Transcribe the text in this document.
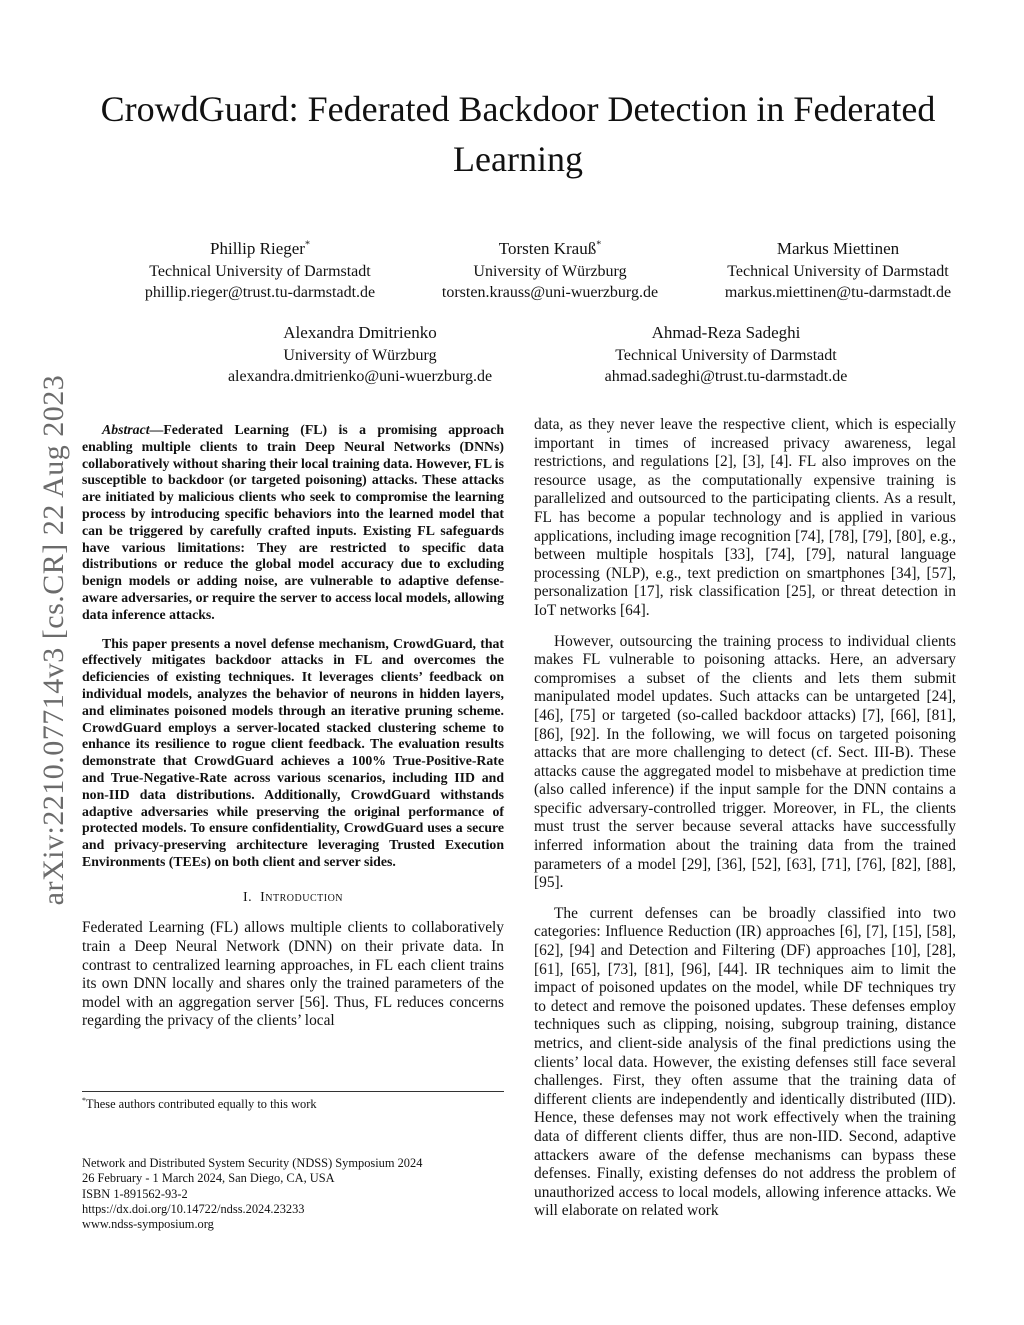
CrowdGuard: Federated Backdoor Detection in Federated Learning
Phillip Rieger*
Technical University of Darmstadt
phillip.rieger@trust.tu-darmstadt.de
Torsten Krauß*
University of Würzburg
torsten.krauss@uni-wuerzburg.de
Markus Miettinen
Technical University of Darmstadt
markus.miettinen@tu-darmstadt.de
Alexandra Dmitrienko
University of Würzburg
alexandra.dmitrienko@uni-wuerzburg.de
Ahmad-Reza Sadeghi
Technical University of Darmstadt
ahmad.sadeghi@trust.tu-darmstadt.de
arXiv:2210.07714v3 [cs.CR] 22 Aug 2023	Abstract—Federated Learning (FL) is a promising approach enabling multiple clients to train Deep Neural Networks (DNNs) collaboratively without sharing their local training data. However, FL is susceptible to backdoor (or targeted poisoning) attacks. These attacks are initiated by malicious clients who seek to compromise the learning process by introducing specific behaviors into the learned model that can be triggered by carefully crafted inputs. Existing FL safeguards have various limitations: They are restricted to specific data distributions or reduce the global model accuracy due to excluding benign models or adding noise, are vulnerable to adaptive defense-aware adversaries, or require the server to access local models, allowing data inference attacks.

This paper presents a novel defense mechanism, CrowdGuard, that effectively mitigates backdoor attacks in FL and overcomes the deficiencies of existing techniques. It leverages clients’ feedback on individual models, analyzes the behavior of neurons in hidden layers, and eliminates poisoned models through an iterative pruning scheme. CrowdGuard employs a server-located stacked clustering scheme to enhance its resilience to rogue client feedback. The evaluation results demonstrate that CrowdGuard achieves a 100% True-Positive-Rate and True-Negative-Rate across various scenarios, including IID and non-IID data distributions. Additionally, CrowdGuard withstands adaptive adversaries while preserving the original performance of protected models. To ensure confidentiality, CrowdGuard uses a secure and privacy-preserving architecture leveraging Trusted Execution Environments (TEEs) on both client and server sides.

I. Introduction

Federated Learning (FL) allows multiple clients to collaboratively train a Deep Neural Network (DNN) on their private data. In contrast to centralized learning approaches, in FL each client trains its own DNN locally and shares only the trained parameters of the model with an aggregation server [56]. Thus, FL reduces concerns regarding the privacy of the clients’ local

*These authors contributed equally to this work
Network and Distributed System Security (NDSS) Symposium 2024
26 February - 1 March 2024, San Diego, CA, USA
ISBN 1-891562-93-2
https://dx.doi.org/10.14722/ndss.2024.23233
www.ndss-symposium.org

data, as they never leave the respective client, which is especially important in times of increased privacy awareness, legal restrictions, and regulations [2], [3], [4]. FL also improves on the resource usage, as the computationally expensive training is parallelized and outsourced to the participating clients. As a result, FL has become a popular technology and is applied in various applications, including image recognition [74], [78], [79], [80], e.g., between multiple hospitals [33], [74], [79], natural language processing (NLP), e.g., text prediction on smartphones [34], [57], personalization [17], risk classification [25], or threat detection in IoT networks [64].

However, outsourcing the training process to individual clients makes FL vulnerable to poisoning attacks. Here, an adversary compromises a subset of the clients and lets them submit manipulated model updates. Such attacks can be untargeted [24], [46], [75] or targeted (so-called backdoor attacks) [7], [66], [81], [86], [92]. In the following, we will focus on targeted poisoning attacks that are more challenging to detect (cf. Sect. III-B). These attacks cause the aggregated model to misbehave at prediction time (also called inference) if the input sample for the DNN contains a specific adversary-controlled trigger. Moreover, in FL, the clients must trust the server because several attacks have successfully inferred information about the training data from the trained parameters of a model [29], [36], [52], [63], [71], [76], [82], [88], [95].

The current defenses can be broadly classified into two categories: Influence Reduction (IR) approaches [6], [7], [15], [58], [62], [94] and Detection and Filtering (DF) approaches [10], [28], [61], [65], [73], [81], [96], [44]. IR techniques aim to limit the impact of poisoned updates on the model, while DF techniques try to detect and remove the poisoned updates. These defenses employ techniques such as clipping, noising, subgroup training, distance metrics, and client-side analysis of the final predictions using the clients’ local data. However, the existing defenses still face several challenges. First, they often assume that the training data of different clients are independently and identically distributed (IID). Hence, these defenses may not work effectively when the training data of different clients differ, thus are non-IID. Second, adaptive attackers aware of the defense mechanisms can bypass these defenses. Finally, existing defenses do not address the problem of unauthorized access to local models, allowing inference attacks. We will elaborate on related work
